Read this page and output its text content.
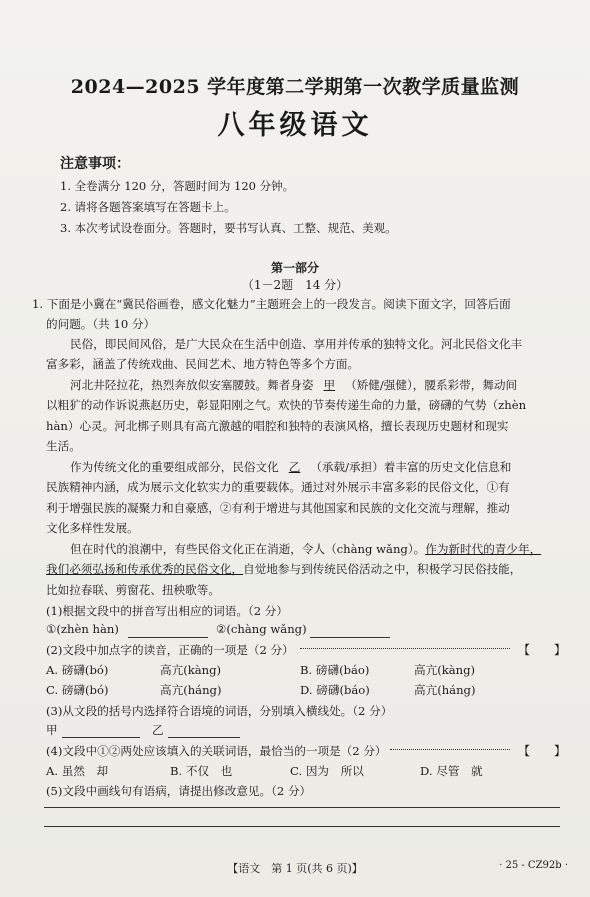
2024—2025 学年度第二学期第一次教学质量监测
八年级语文
注意事项：
1. 全卷满分 120 分，答题时间为 120 分钟。
2. 请将各题答案填写在答题卡上。
3. 本次考试设卷面分。答题时，要书写认真、工整、规范、美观。
第一部分
（1－2题　14 分）
1. 下面是小冀在“冀民俗画卷，感文化魅力”主题班会上的一段发言。阅读下面文字，回答后面
的问题。（共 10 分）
民俗，即民间风俗，是广大民众在生活中创造、享用并传承的独特文化。河北民俗文化丰
富多彩，涵盖了传统戏曲、民间艺术、地方特色等多个方面。
河北井陉拉花，热烈奔放似安塞腰鼓。舞者身姿 甲 （矫健/强健），腰系彩带，舞动间
以粗犷的动作诉说燕赵历史，彰显阳刚之气。欢快的节奏传递生命的力量，磅礴的气势（zhèn
hàn）心灵。河北梆子则具有高亢激越的唱腔和独特的表演风格，擅长表现历史题材和现实
生活。
作为传统文化的重要组成部分，民俗文化 乙 （承载/承担）着丰富的历史文化信息和
民族精神内涵，成为展示文化软实力的重要载体。通过对外展示丰富多彩的民俗文化，①有
利于增强民族的凝聚力和自豪感，②有利于增进与其他国家和民族的文化交流与理解，推动
文化多样性发展。
但在时代的浪潮中，有些民俗文化正在消逝，令人（chàng wǎng）。作为新时代的青少年，
我们必须弘扬和传承优秀的民俗文化，自觉地参与到传统民俗活动之中，积极学习民俗技能，
比如拉春联、剪窗花、扭秧歌等。
(1)根据文段中的拼音写出相应的词语。（2 分）
①(zhèn hàn)	②(chàng wǎng)
(2)文段中加点字的读音，正确的一项是（2 分）	【　　】
A. 磅礴(bó)	高亢(kàng)	B. 磅礴(báo)	高亢(kàng)
C. 磅礴(bó)	高亢(háng)	D. 磅礴(báo)	高亢(háng)
(3)从文段的括号内选择符合语境的词语，分别填入横线处。（2 分）
甲	乙
(4)文段中①②两处应该填入的关联词语，最恰当的一项是（2 分）	【　　】
A. 虽然　却	B. 不仅　也	C. 因为　所以	D. 尽管　就
(5)文段中画线句有语病，请提出修改意见。（2 分）
【语文　第 1 页(共 6 页)】	· 25 - CZ92b ·
